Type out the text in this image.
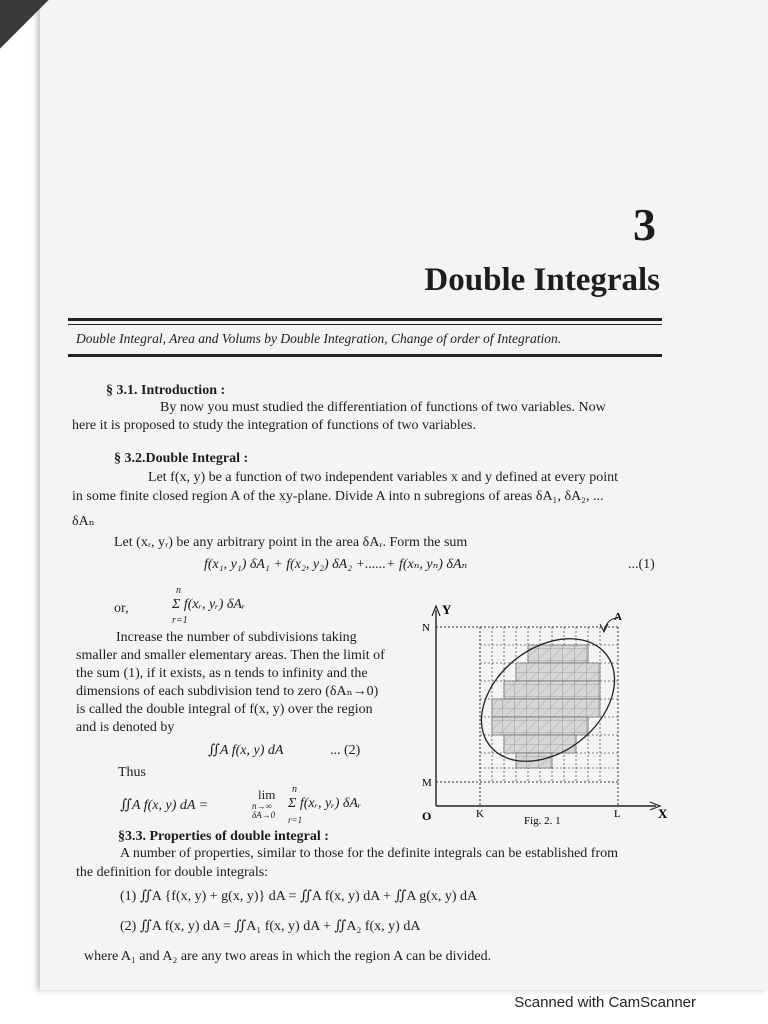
3
Double Integrals
Double Integral, Area and Volums by Double Integration, Change of order of Integration.
§ 3.1. Introduction :
By now you must studied the differentiation of functions of two variables. Now
here it is proposed to study the integration of functions of two variables.
§ 3.2.Double Integral :
Let f(x, y) be a function of two independent variables x and y defined at every point
in some finite closed region A of the xy-plane. Divide A into n subregions of areas δA₁, δA₂, ...
δAₙ
Let (xᵣ, yᵣ) be any arbitrary point in the area δAᵣ. Form the sum
f(x₁, y₁) δA₁ + f(x₂, y₂) δA₂ +......+ f(xₙ, yₙ) δAₙ	...(1)
or,
n
Σ f(xᵣ, yᵣ) δAᵣ
r=1
Increase the number of subdivisions taking
smaller and smaller elementary areas. Then the limit of
the sum (1), if it exists, as n tends to infinity and the
dimensions of each subdivision tend to zero (δAₙ→0)
is called the double integral of f(x, y) over the region
and is denoted by
∬A f(x, y) dA	... (2)
Thus
∬A f(x, y) dA =
lim
n→∞
δA→0
n
Σ f(xᵣ, yᵣ) δAᵣ
r=1
Y
X
O
N
M
K	L
A
Fig. 2. 1
§3.3. Properties of double integral :
A number of properties, similar to those for the definite integrals can be established from
the definition for double integrals:
(1) ∬A {f(x, y) + g(x, y)} dA = ∬A f(x, y) dA + ∬A g(x, y) dA
(2) ∬A f(x, y) dA = ∬A₁ f(x, y) dA + ∬A₂ f(x, y) dA
where A₁ and A₂ are any two areas in which the region A can be divided.
Scanned with CamScanner
